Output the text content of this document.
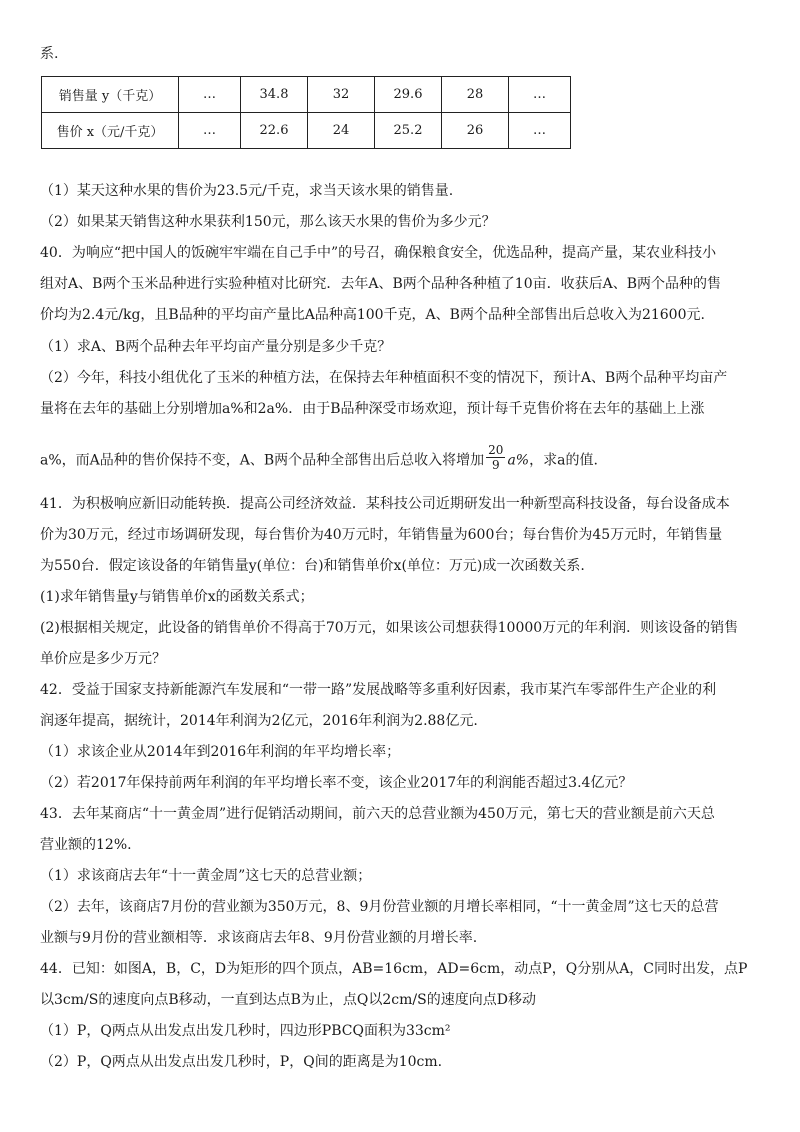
系.
销售量 y（千克）	…	34.8	32	29.6	28	…
售价 x（元/千克）	…	22.6	24	25.2	26	…
（1）某天这种水果的售价为23.5元/千克，求当天该水果的销售量.
（2）如果某天销售这种水果获利150元，那么该天水果的售价为多少元？
40．为响应“把中国人的饭碗牢牢端在自己手中”的号召，确保粮食安全，优选品种，提高产量，某农业科技小
组对A、B两个玉米品种进行实验种植对比研究．去年A、B两个品种各种植了10亩．收获后A、B两个品种的售
价均为2.4元/kg，且B品种的平均亩产量比A品种高100千克，A、B两个品种全部售出后总收入为21600元.
（1）求A、B两个品种去年平均亩产量分别是多少千克？
（2）今年，科技小组优化了玉米的种植方法，在保持去年种植面积不变的情况下，预计A、B两个品种平均亩产
量将在去年的基础上分别增加a%和2a%．由于B品种深受市场欢迎，预计每千克售价将在去年的基础上上涨
a%，而A品种的售价保持不变，A、B两个品种全部售出后总收入将增加 $\frac{20}{9} a\%$，求a的值.
41．为积极响应新旧动能转换．提高公司经济效益．某科技公司近期研发出一种新型高科技设备，每台设备成本
价为30万元，经过市场调研发现，每台售价为40万元时，年销售量为600台；每台售价为45万元时，年销售量
为550台．假定该设备的年销售量y(单位：台)和销售单价x(单位：万元)成一次函数关系.
(1)求年销售量y与销售单价x的函数关系式；
(2)根据相关规定，此设备的销售单价不得高于70万元，如果该公司想获得10000万元的年利润．则该设备的销售
单价应是多少万元？
42．受益于国家支持新能源汽车发展和“一带一路”发展战略等多重利好因素，我市某汽车零部件生产企业的利
润逐年提高，据统计，2014年利润为2亿元，2016年利润为2.88亿元.
（1）求该企业从2014年到2016年利润的年平均增长率；
（2）若2017年保持前两年利润的年平均增长率不变，该企业2017年的利润能否超过3.4亿元？
43．去年某商店“十一黄金周”进行促销活动期间，前六天的总营业额为450万元，第七天的营业额是前六天总
营业额的12%.
（1）求该商店去年“十一黄金周”这七天的总营业额；
（2）去年，该商店7月份的营业额为350万元，8、9月份营业额的月增长率相同，“十一黄金周”这七天的总营
业额与9月份的营业额相等．求该商店去年8、9月份营业额的月增长率.
44．已知：如图A，B，C，D为矩形的四个顶点，AB=16cm，AD=6cm，动点P，Q分别从A，C同时出发，点P
以3cm/S的速度向点B移动，一直到达点B为止，点Q以2cm/S的速度向点D移动
（1）P，Q两点从出发点出发几秒时，四边形PBCQ面积为33cm²
（2）P，Q两点从出发点出发几秒时，P，Q间的距离是为10cm.
